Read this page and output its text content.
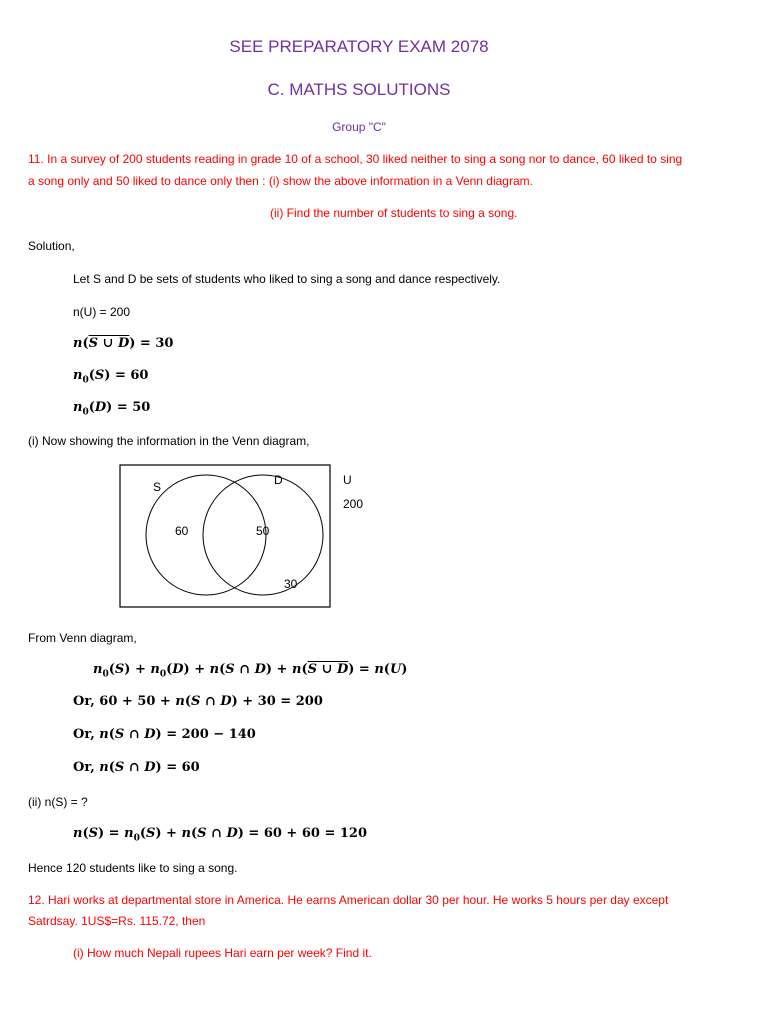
SEE PREPARATORY EXAM 2078
C. MATHS SOLUTIONS
Group "C"
11. In a survey of 200 students reading in grade 10 of a school, 30 liked neither to sing a song nor to dance, 60 liked to sing
a song only and 50 liked to dance only then : (i) show the above information in a Venn diagram.
(ii) Find the number of students to sing a song.
Solution,
Let S and D be sets of students who liked to sing a song and dance respectively.
n(U) = 200
n(S ∪ D) = 30
$n_0(S) = 60$
$n_0(D) = 50$
(i) Now showing the information in the Venn diagram,
S	D
60	50
30
U
200
From Venn diagram,
$n_0(S) + n_0(D) + n(S$ ∩ D) + n(S ∪ D) = n(U)
Or, 60 + 50 + n(S ∩ D) + 30 = 200
Or, n(S ∩ D) = 200 − 140
Or, n(S ∩ D) = 60
(ii) n(S) = ?
$n(S) = n_0(S) + n(S$ ∩ D) = 60 + 60 = 120
Hence 120 students like to sing a song.
12. Hari works at departmental store in America. He earns American dollar 30 per hour. He works 5 hours per day except
Satrdsay. 1US$=Rs. 115.72, then
(i) How much Nepali rupees Hari earn per week? Find it.
